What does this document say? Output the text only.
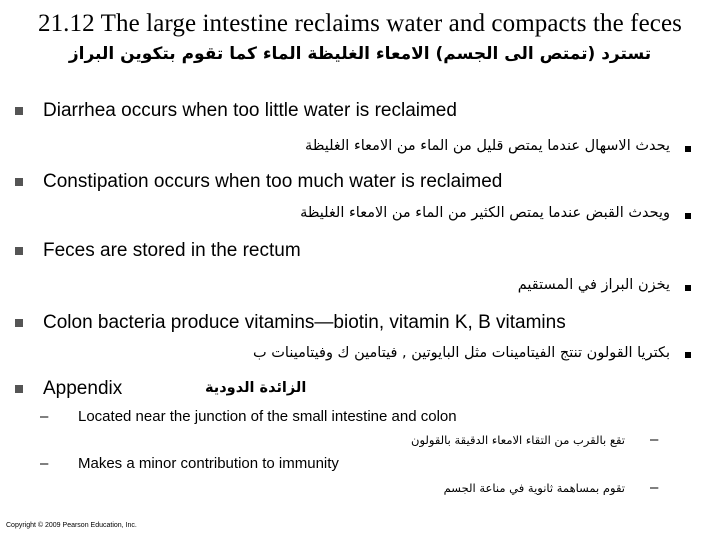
21.12 The large intestine reclaims water and compacts the feces
تسترد (تمتص الى الجسم) الامعاء الغليظة الماء كما تقوم بتكوين البراز
Diarrhea occurs when too little water is reclaimed
يحدث الاسهال عندما يمتص قليل من الماء من الامعاء الغليظة
Constipation occurs when too much water is reclaimed
ويحدث القبض عندما يمتص الكثير من الماء من الامعاء الغليظة
Feces are stored in the rectum
يخزن البراز في المستقيم
Colon bacteria produce vitamins—biotin, vitamin K, B vitamins
بكتريا القولون تنتج الفيتامينات مثل البايوتين , فيتامين ك وفيتامينات ب
Appendix	الزائدة الدودية
– Located near the junction of the small intestine and colon
تقع بالقرب من التقاء الامعاء الدقيقة بالقولون –
– Makes a minor contribution to immunity
تقوم بمساهمة ثانوية في مناعة الجسم –
Copyright © 2009 Pearson Education, Inc.
